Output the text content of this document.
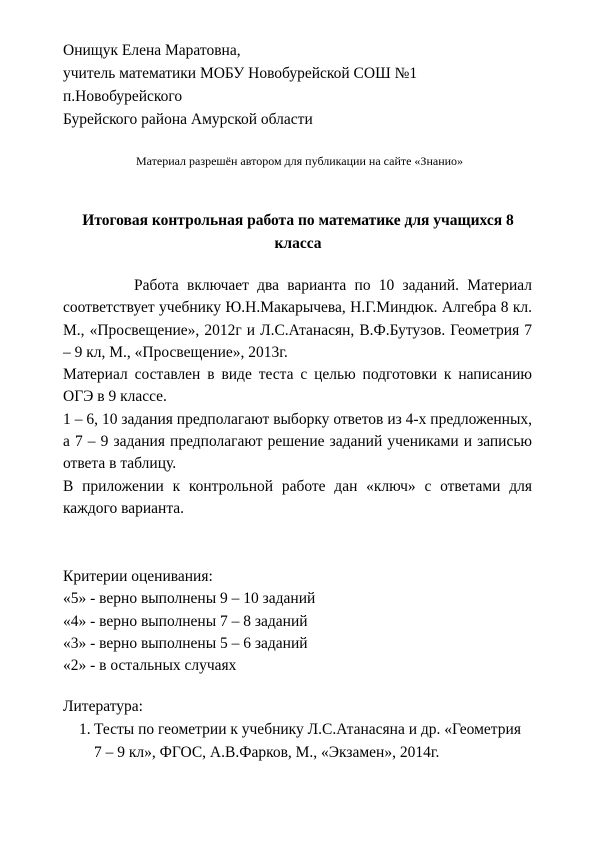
Онищук Елена Маратовна,
учитель математики МОБУ Новобурейской СОШ №1
п.Новобурейского
Бурейского района Амурской области
Материал разрешён автором для публикации на сайте «Знанио»
Итоговая контрольная работа по математике для учащихся 8 класса

Работа включает два варианта по 10 заданий. Материал соответствует учебнику Ю.Н.Макарычева, Н.Г.Миндюк. Алгебра 8 кл. М., «Просвещение», 2012г и Л.С.Атанасян, В.Ф.Бутузов. Геометрия 7 – 9 кл, М., «Просвещение», 2013г.

Материал составлен в виде теста с целью подготовки к написанию ОГЭ в 9 классе.

1 – 6, 10 задания предполагают выборку ответов из 4-х предложенных, а 7 – 9 задания предполагают решение заданий учениками и записью ответа в таблицу.

В приложении к контрольной работе дан «ключ» с ответами для каждого варианта.

Критерии оценивания:
«5» - верно выполнены 9 – 10 заданий
«4» - верно выполнены 7 – 8 заданий
«3» - верно выполнены 5 – 6 заданий
«2» - в остальных случаях
Литература:
1. Тесты по геометрии к учебнику Л.С.Атанасяна и др. «Геометрия 7 – 9 кл», ФГОС, А.В.Фарков, М., «Экзамен», 2014г.
